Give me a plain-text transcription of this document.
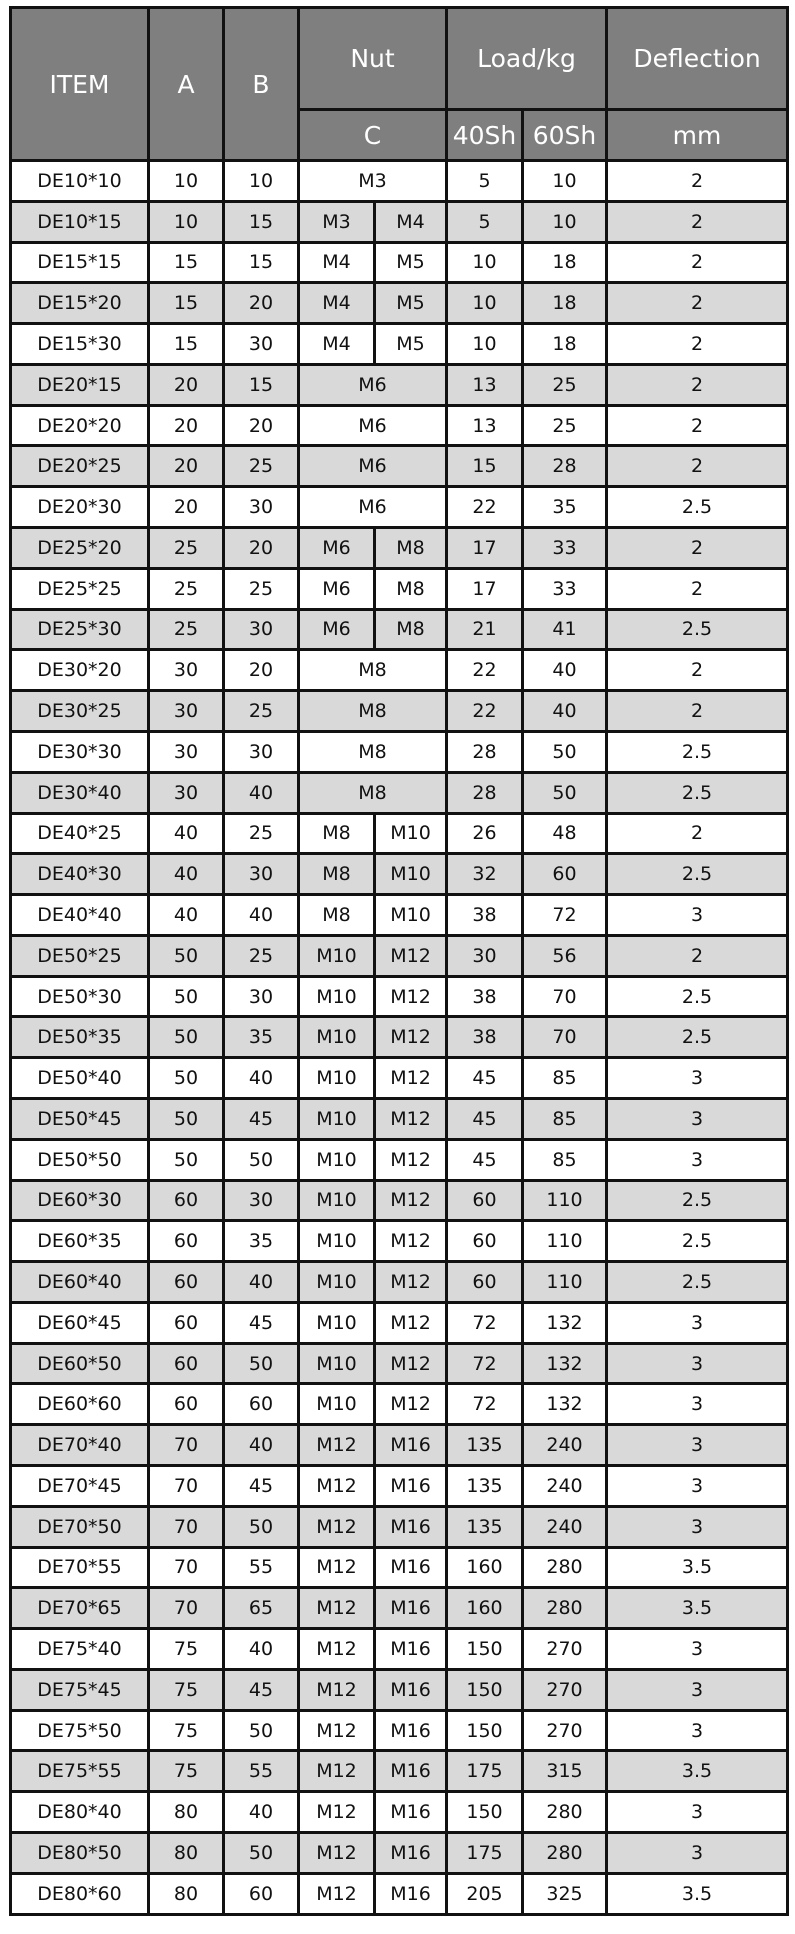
ITEM	A	B	Nut		Load/kg		Deflection
			C		40Sh	60Sh	mm
DE10*10	10	10	M3		5	10	2
DE10*15	10	15	M3	M4	5	10	2
DE15*15	15	15	M4	M5	10	18	2
DE15*20	15	20	M4	M5	10	18	2
DE15*30	15	30	M4	M5	10	18	2
DE20*15	20	15	M6		13	25	2
DE20*20	20	20	M6		13	25	2
DE20*25	20	25	M6		15	28	2
DE20*30	20	30	M6		22	35	2.5
DE25*20	25	20	M6	M8	17	33	2
DE25*25	25	25	M6	M8	17	33	2
DE25*30	25	30	M6	M8	21	41	2.5
DE30*20	30	20	M8		22	40	2
DE30*25	30	25	M8		22	40	2
DE30*30	30	30	M8		28	50	2.5
DE30*40	30	40	M8		28	50	2.5
DE40*25	40	25	M8	M10	26	48	2
DE40*30	40	30	M8	M10	32	60	2.5
DE40*40	40	40	M8	M10	38	72	3
DE50*25	50	25	M10	M12	30	56	2
DE50*30	50	30	M10	M12	38	70	2.5
DE50*35	50	35	M10	M12	38	70	2.5
DE50*40	50	40	M10	M12	45	85	3
DE50*45	50	45	M10	M12	45	85	3
DE50*50	50	50	M10	M12	45	85	3
DE60*30	60	30	M10	M12	60	110	2.5
DE60*35	60	35	M10	M12	60	110	2.5
DE60*40	60	40	M10	M12	60	110	2.5
DE60*45	60	45	M10	M12	72	132	3
DE60*50	60	50	M10	M12	72	132	3
DE60*60	60	60	M10	M12	72	132	3
DE70*40	70	40	M12	M16	135	240	3
DE70*45	70	45	M12	M16	135	240	3
DE70*50	70	50	M12	M16	135	240	3
DE70*55	70	55	M12	M16	160	280	3.5
DE70*65	70	65	M12	M16	160	280	3.5
DE75*40	75	40	M12	M16	150	270	3
DE75*45	75	45	M12	M16	150	270	3
DE75*50	75	50	M12	M16	150	270	3
DE75*55	75	55	M12	M16	175	315	3.5
DE80*40	80	40	M12	M16	150	280	3
DE80*50	80	50	M12	M16	175	280	3
DE80*60	80	60	M12	M16	205	325	3.5
